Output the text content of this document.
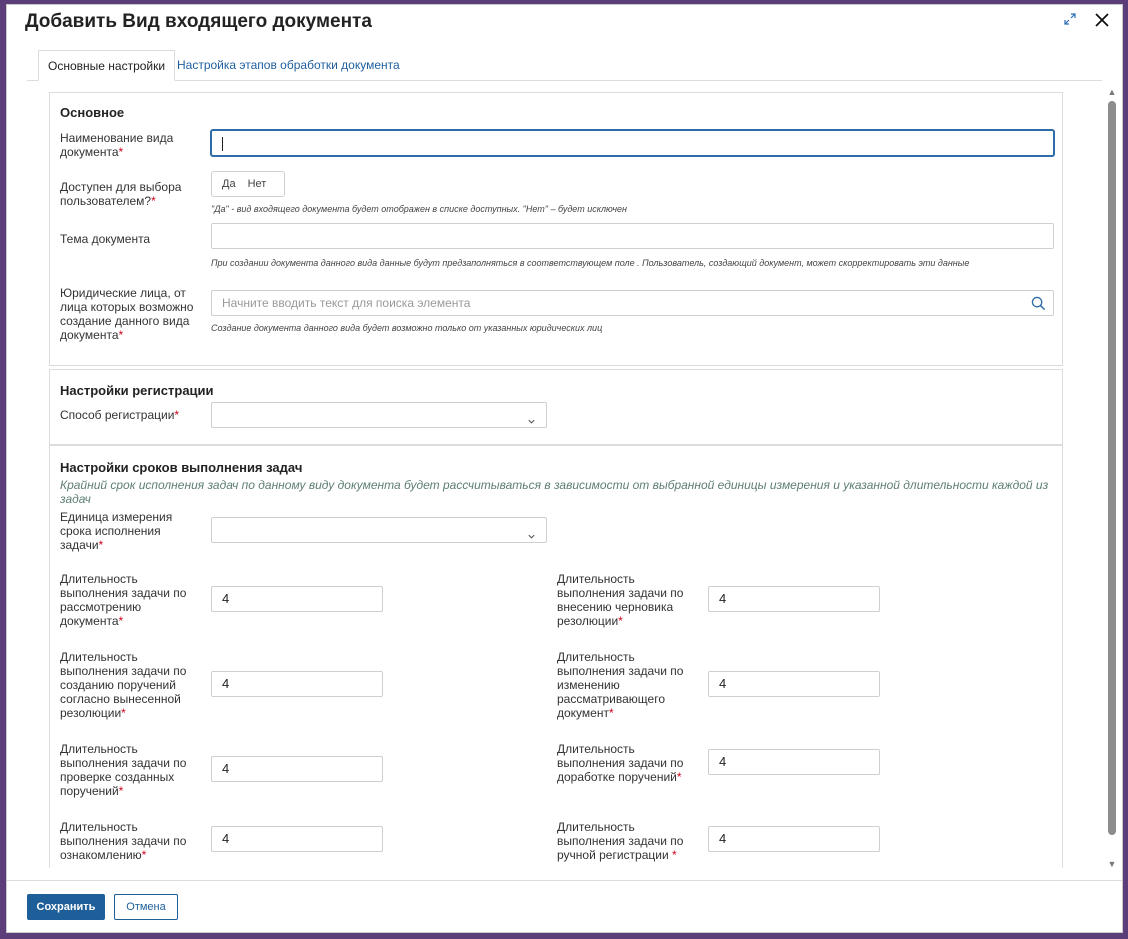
Добавить Вид входящего документа
Основные настройки Настройка этапов обработки документа
Основное
Наименование вида документа*
Доступен для выбора пользователем?*
Да	Нет
"Да" - вид входящего документа будет отображен в списке доступных. "Нет" – будет исключен
Тема документа
При создании документа данного вида данные будут предзаполняться в соответствующем поле . Пользователь, создающий документ, может скорректировать эти данные
Юридические лица, от лица которых возможно создание данного вида документа*
Начните вводить текст для поиска элемента
Создание документа данного вида будет возможно только от указанных юридических лиц
Настройки регистрации
Способ регистрации*
Настройки сроков выполнения задач
Крайний срок исполнения задач по данному виду документа будет рассчитываться в зависимости от выбранной единицы измерения и указанной длительности каждой из задач
Единица измерения срока исполнения задачи*
Длительность выполнения задачи по рассмотрению документа*
4
Длительность выполнения задачи по внесению черновика резолюции*
4
Длительность выполнения задачи по созданию поручений согласно вынесенной резолюции*
4
Длительность выполнения задачи по изменению рассматривающего документ*
4
Длительность выполнения задачи по проверке созданных поручений*
4
Длительность выполнения задачи по доработке поручений*
4
Длительность выполнения задачи по ознакомлению*
4
Длительность выполнения задачи по ручной регистрации *
4
▲
▼
Сохранить	Отмена
